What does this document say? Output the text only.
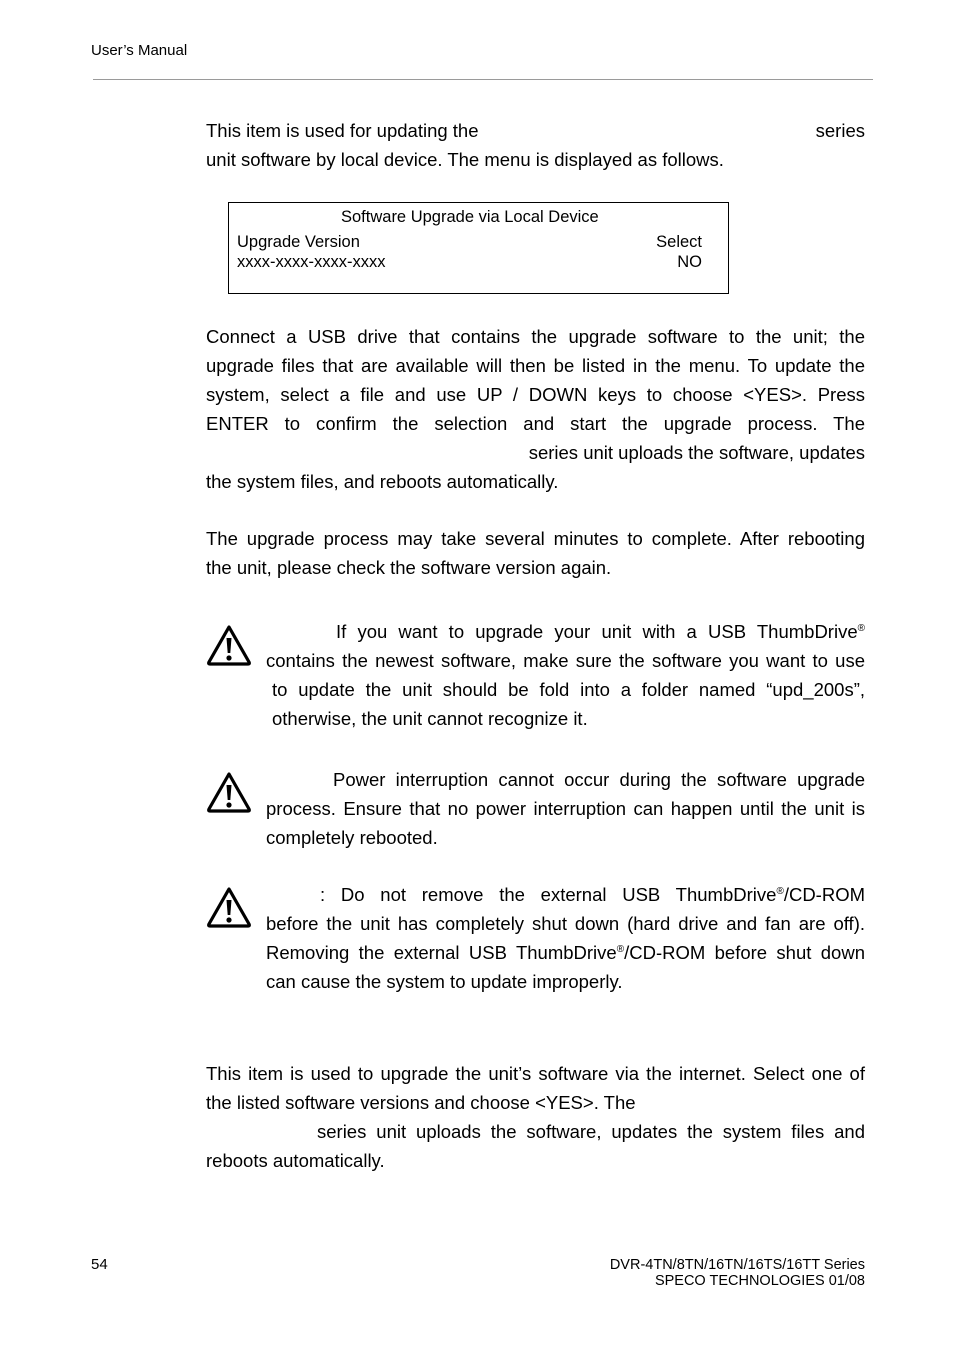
User’s Manual
This item is used for updating the	series
unit software by local device. The menu is displayed as follows.
Software Upgrade via Local Device
Upgrade Version	Select
xxxx-xxxx-xxxx-xxxx	NO
Connect a USB drive that contains the upgrade software to the unit; the
upgrade files that are available will then be listed in the menu. To update the
system, select a file and use UP / DOWN keys to choose <YES>. Press
ENTER to confirm the selection and start the upgrade process. The
series unit uploads the software, updates
the system files, and reboots automatically.
The upgrade process may take several minutes to complete. After rebooting
the unit, please check the software version again.
If you want to upgrade your unit with a USB ThumbDrive®
contains the newest software, make sure the software you want to use
to update the unit should be fold into a folder named “upd_200s”,
otherwise, the unit cannot recognize it.
Power interruption cannot occur during the software upgrade
process. Ensure that no power interruption can happen until the unit is
completely rebooted.
: Do not remove the external USB ThumbDrive®/CD-ROM
before the unit has completely shut down (hard drive and fan are off).
Removing the external USB ThumbDrive®/CD-ROM before shut down
can cause the system to update improperly.
This item is used to upgrade the unit’s software via the internet. Select one of
the listed software versions and choose <YES>. The
series unit uploads the software, updates the system files and
reboots automatically.
54	DVR-4TN/8TN/16TN/16TS/16TT Series
SPECO TECHNOLOGIES 01/08
